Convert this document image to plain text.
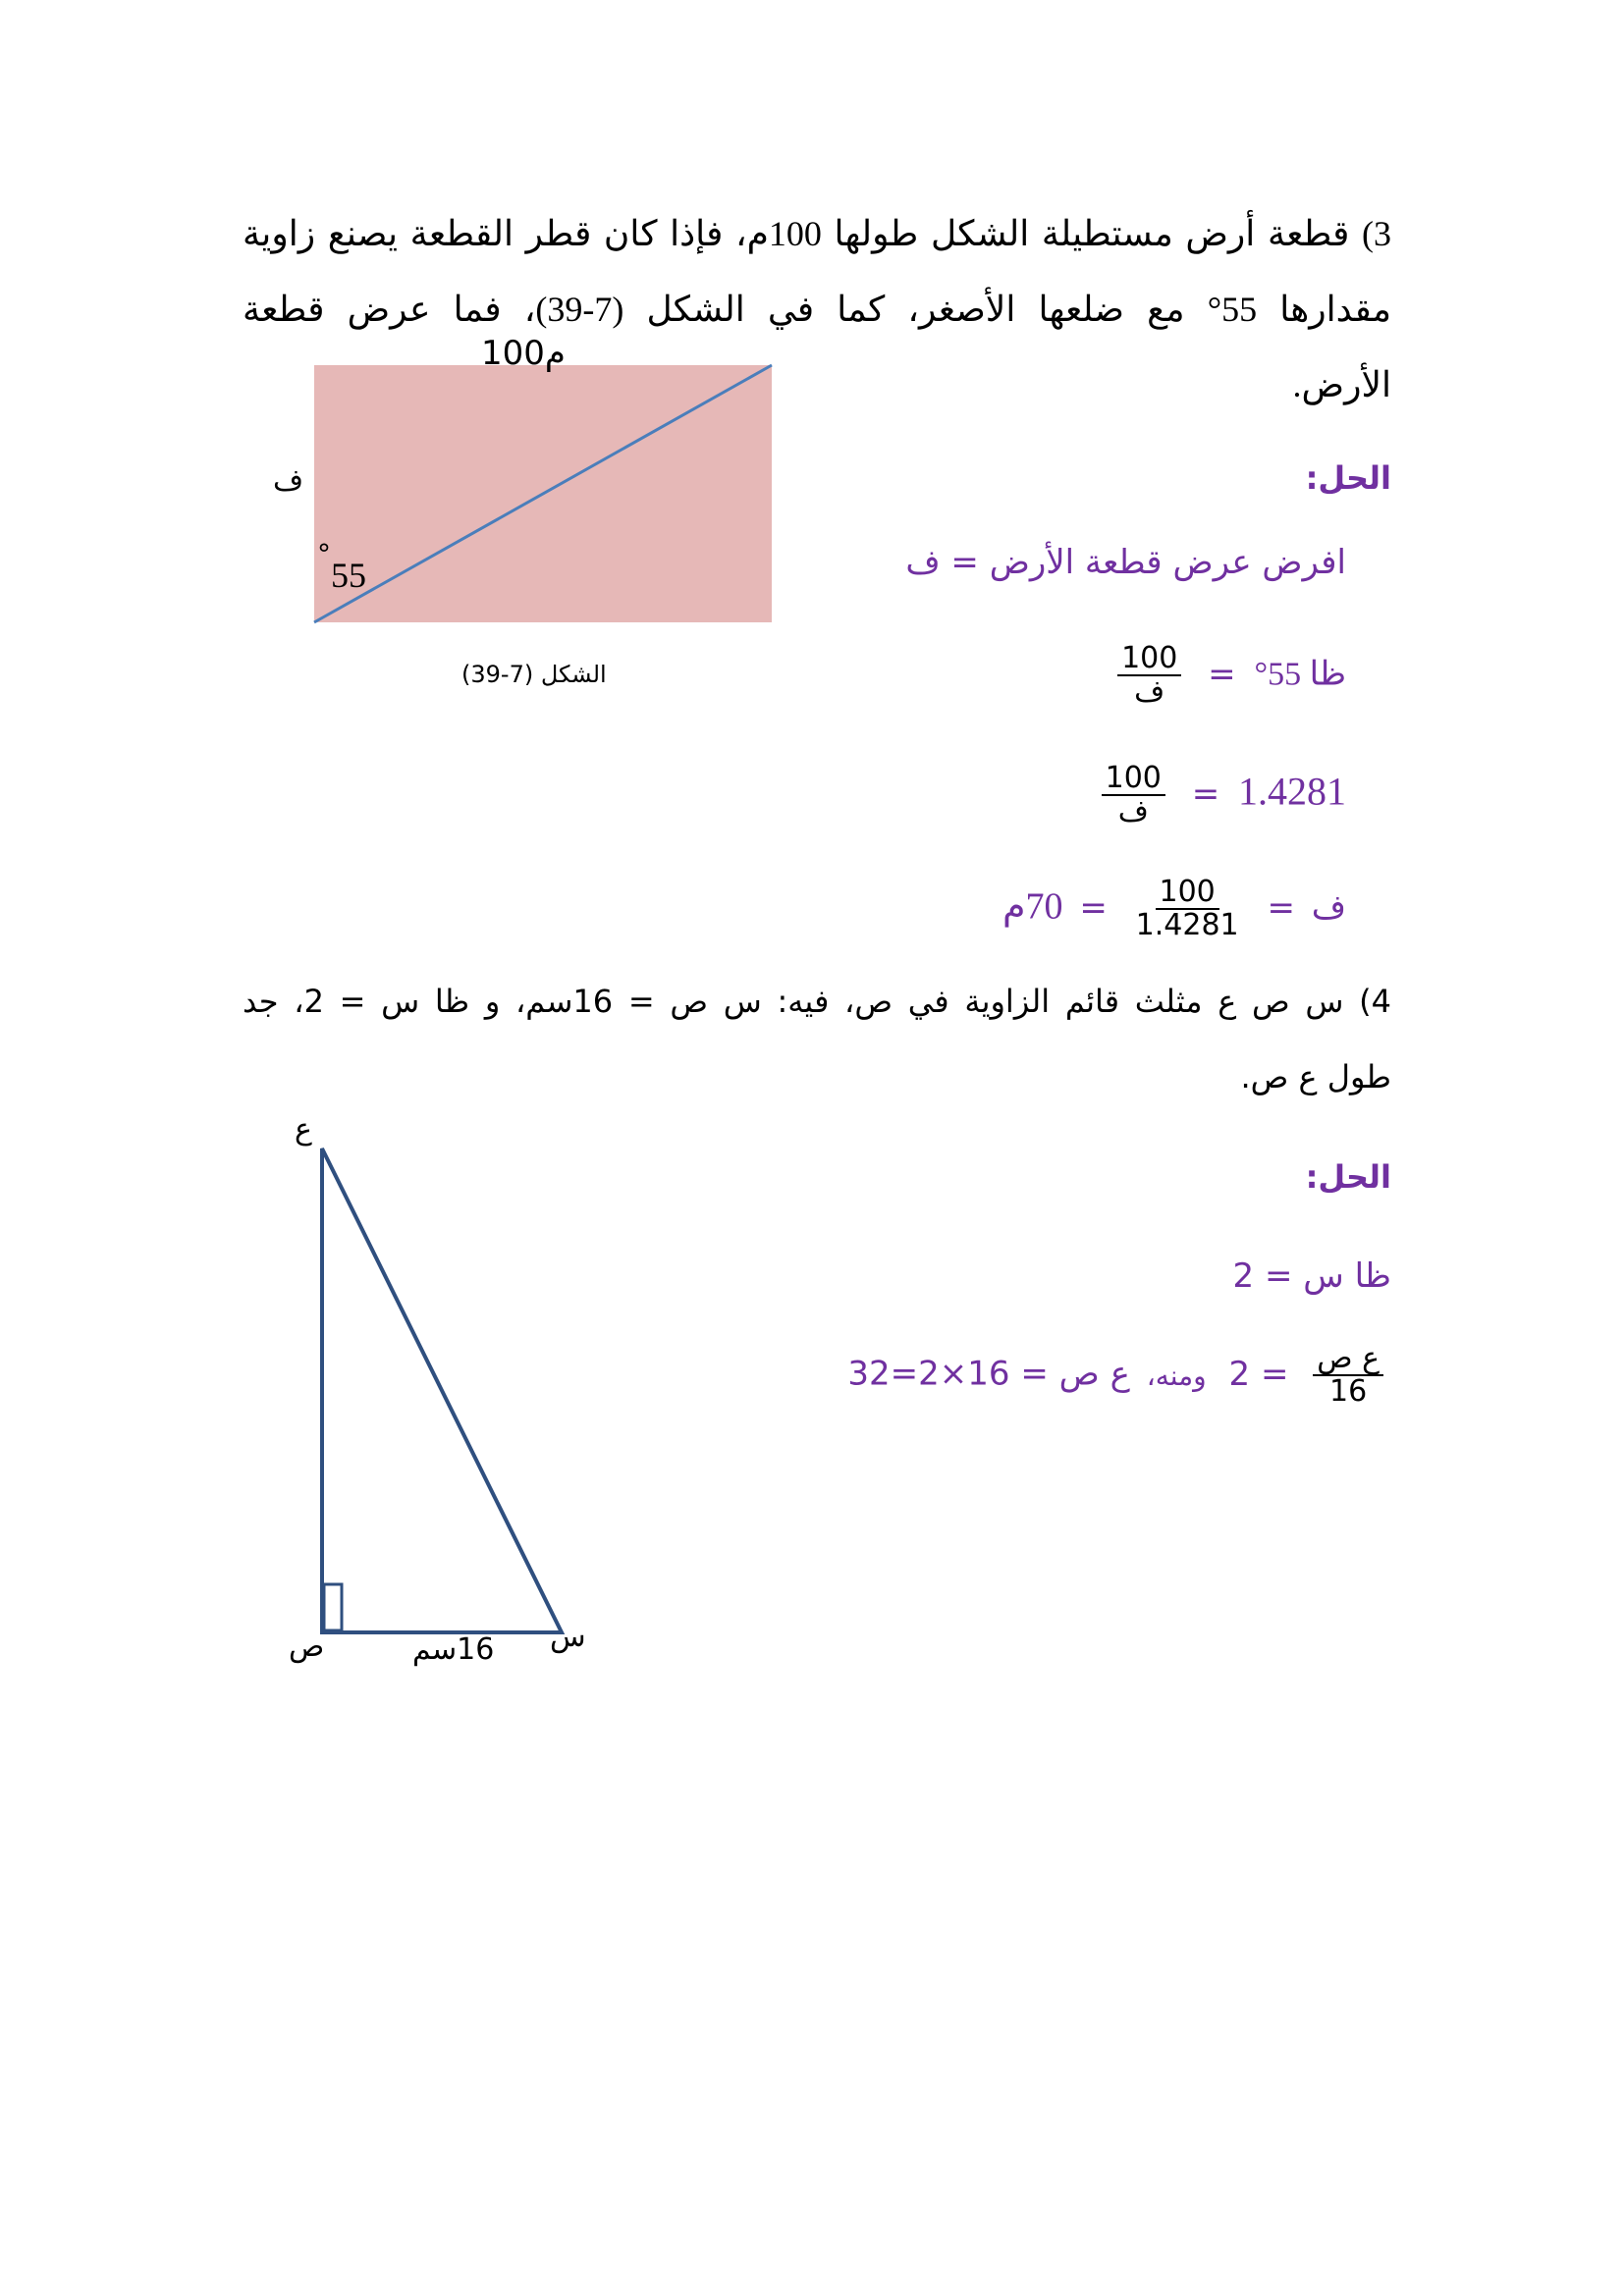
3) قطعة أرض مستطيلة الشكل طولها 100م، فإذا كان قطر القطعة يصنع زاوية
مقدارها 55° مع ضلعها الأصغر، كما في الشكل (7-39)، فما عرض قطعة
الأرض.
100م
ف
°
55
الشكل (7-39)
الحل:
افرض عرض قطعة الأرض = ف
ظا 55° =
$\frac{100}{\text{ف}}$
$\frac{100}{\text{ف}} = 1.4281$
ف =
$\frac{100}{1.4281}$
= 70م
4) س ص ع مثلث قائم الزاوية في ص، فيه: س ص = 16سم، و ظا س = 2، جد
طول ع ص.
الحل:
ظا س = 2
$\frac{\text{ع ص}}{16}$
= 2 ومنه، ع ص = 16×2=32
ع
ص	س
16سم
